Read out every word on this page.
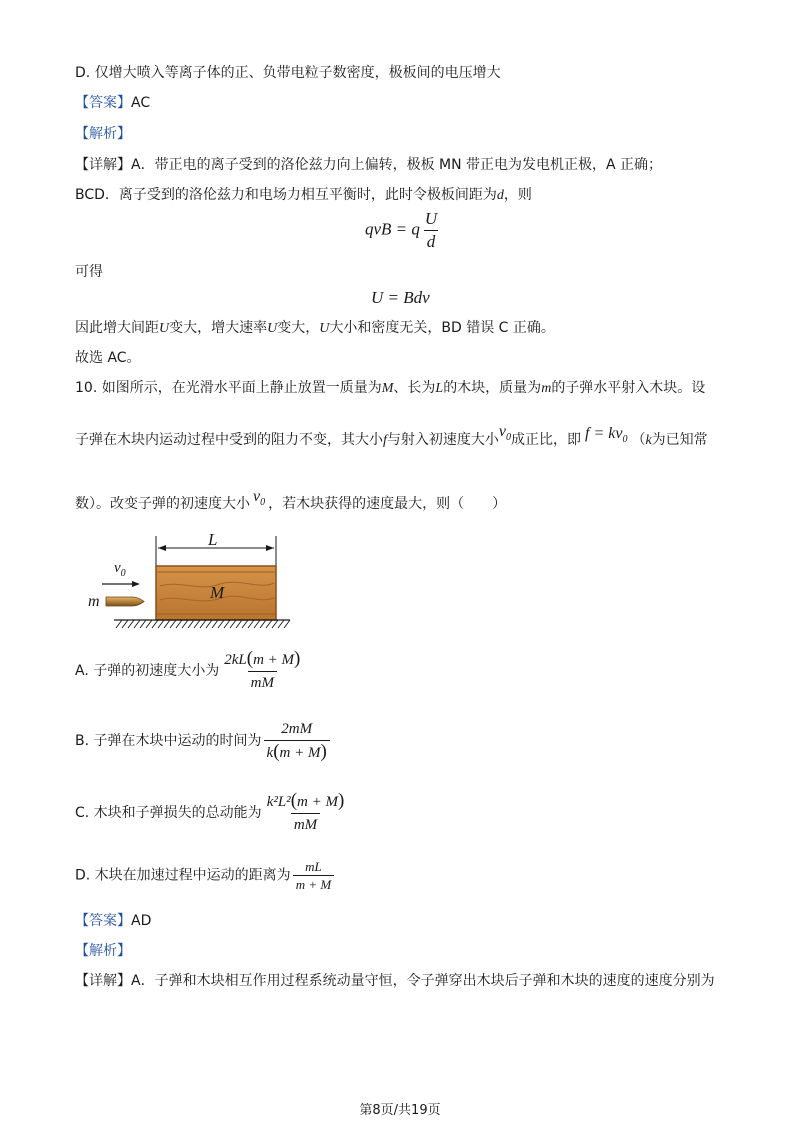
D. 仅增大喷入等离子体的正、负带电粒子数密度，极板间的电压增大
【答案】AC
【解析】
【详解】A．带正电的离子受到的洛伦兹力向上偏转，极板 MN 带正电为发电机正极，A 正确；
BCD．离子受到的洛伦兹力和电场力相互平衡时，此时令极板间距为d，则
qvB = q $\frac{U}{d}$
可得
U = Bdv
因此增大间距U变大，增大速率U变大，U大小和密度无关，BD 错误 C 正确。
故选 AC。
10. 如图所示，在光滑水平面上静止放置一质量为M、长为L的木块，质量为m的子弹水平射入木块。设
子弹在木块内运动过程中受到的阻力不变，其大小f与射入初速度大小$v_0$成正比，即 $f = kv_0$ （k为已知常
数）。改变子弹的初速度大小 $v_0$ ，若木块获得的速度最大，则（　　）
L
M
$v_0$
m
A. 子弹的初速度大小为 $\frac{2kL(m + M)}{mM}$
B. 子弹在木块中运动的时间为 $\frac{2mM}{k(m + M)}$
C. 木块和子弹损失的总动能为 $\frac{\text{k²L²(m + M)}}{mM}$
D. 木块在加速过程中运动的距离为 $\frac{mL}{m + M}$
【答案】AD
【解析】
【详解】A．子弹和木块相互作用过程系统动量守恒，令子弹穿出木块后子弹和木块的速度的速度分别为
第8页/共19页
